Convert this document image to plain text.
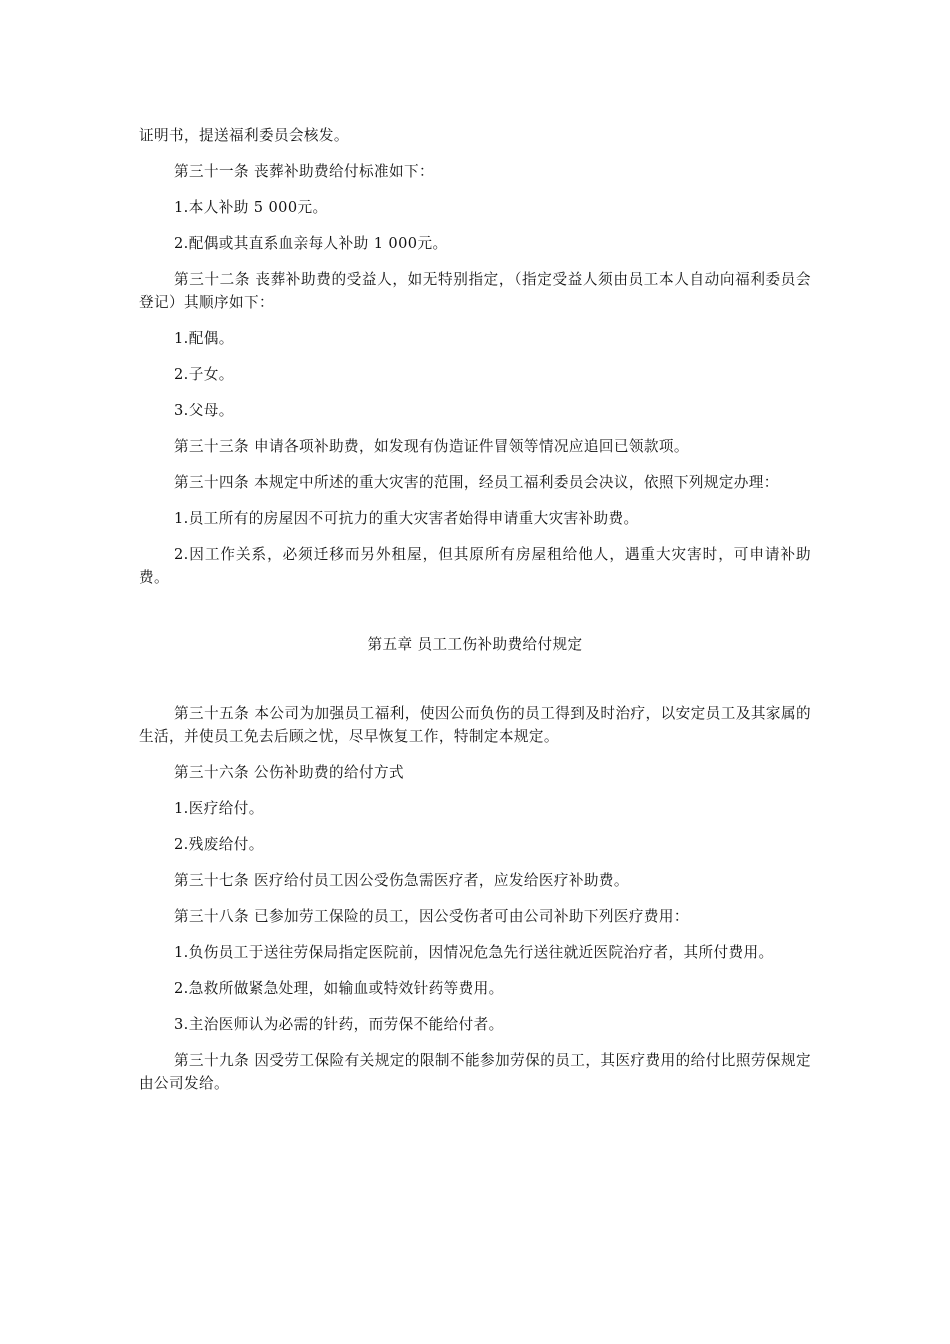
证明书，提送福利委员会核发。

第三十一条 丧葬补助费给付标准如下：

1.本人补助 5 000元。

2.配偶或其直系血亲每人补助 1 000元。

第三十二条 丧葬补助费的受益人，如无特别指定，（指定受益人须由员工本人自动向福利委员会登记）其顺序如下：

1.配偶。

2.子女。

3.父母。

第三十三条 申请各项补助费，如发现有伪造证件冒领等情况应追回已领款项。

第三十四条 本规定中所述的重大灾害的范围，经员工福利委员会决议，依照下列规定办理：

1.员工所有的房屋因不可抗力的重大灾害者始得申请重大灾害补助费。

2.因工作关系，必须迁移而另外租屋，但其原所有房屋租给他人，遇重大灾害时，可申请补助费。

第五章 员工工伤补助费给付规定

第三十五条 本公司为加强员工福利，使因公而负伤的员工得到及时治疗，以安定员工及其家属的生活，并使员工免去后顾之忧，尽早恢复工作，特制定本规定。

第三十六条 公伤补助费的给付方式

1.医疗给付。

2.残废给付。

第三十七条 医疗给付员工因公受伤急需医疗者，应发给医疗补助费。

第三十八条 已参加劳工保险的员工，因公受伤者可由公司补助下列医疗费用：

1.负伤员工于送往劳保局指定医院前，因情况危急先行送往就近医院治疗者，其所付费用。

2.急救所做紧急处理，如输血或特效针药等费用。

3.主治医师认为必需的针药，而劳保不能给付者。

第三十九条 因受劳工保险有关规定的限制不能参加劳保的员工，其医疗费用的给付比照劳保规定由公司发给。
